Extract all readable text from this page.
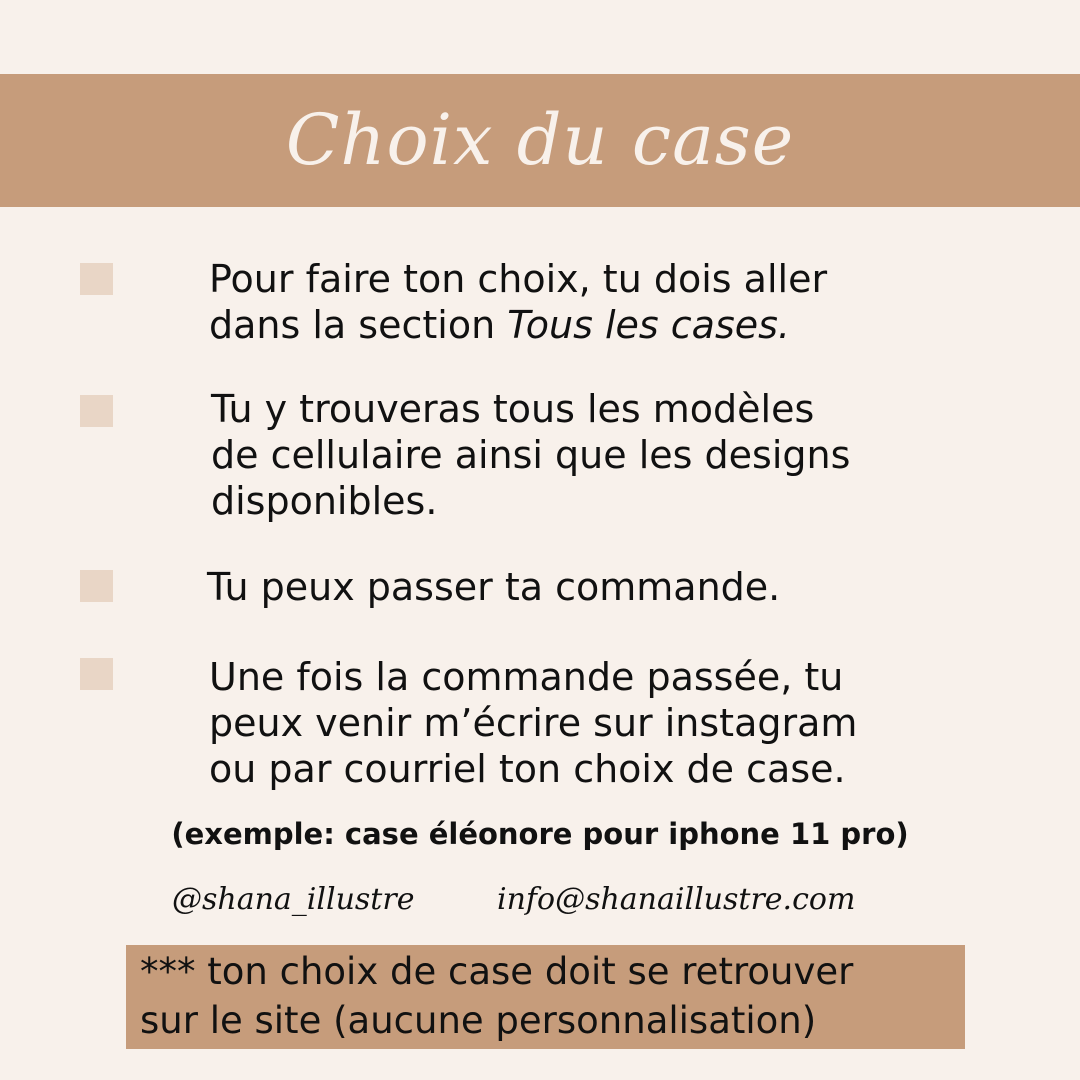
Choix du case

Pour faire ton choix, tu dois aller
dans la section Tous les cases.

Tu y trouveras tous les modèles
de cellulaire ainsi que les designs
disponibles.

Tu peux passer ta commande.

Une fois la commande passée, tu
peux venir m’écrire sur instagram
ou par courriel ton choix de case.

(exemple: case éléonore pour iphone 11 pro)

@shana_illustre	info@shanaillustre.com

*** ton choix de case doit se retrouver
sur le site (aucune personnalisation)
